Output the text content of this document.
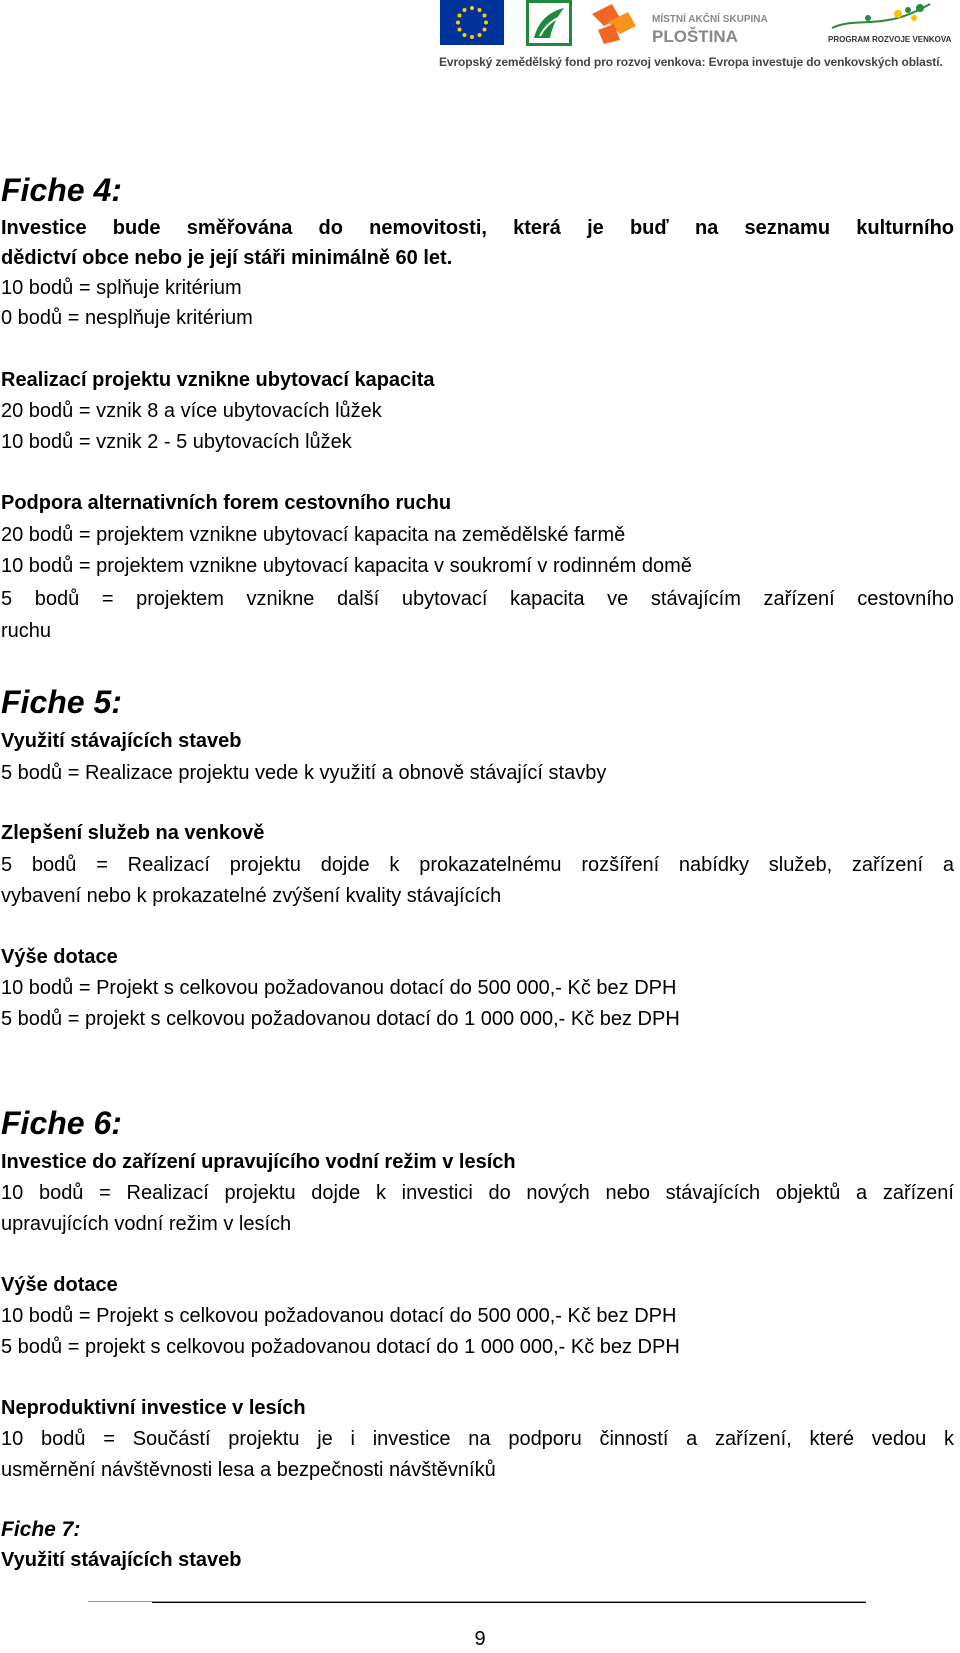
MÍSTNÍ AKČNÍ SKUPINA
PLOŠTINA	PROGRAM ROZVOJE VENKOVA
Evropský zemědělský fond pro rozvoj venkova: Evropa investuje do venkovských oblastí.
Fiche 4:
Investice bude směřována do nemovitosti, která je buď na seznamu kulturního
dědictví obce nebo je její stáři minimálně 60 let.
10 bodů = splňuje kritérium
0 bodů = nesplňuje kritérium
Realizací projektu vznikne ubytovací kapacita
20 bodů = vznik 8 a více ubytovacích lůžek
10 bodů = vznik 2 - 5 ubytovacích lůžek
Podpora alternativních forem cestovního ruchu
20 bodů = projektem vznikne ubytovací kapacita na zemědělské farmě
10 bodů = projektem vznikne ubytovací kapacita v soukromí v rodinném domě
5 bodů = projektem vznikne další ubytovací kapacita ve stávajícím zařízení cestovního
ruchu
Fiche 5:
Využití stávajících staveb
5 bodů = Realizace projektu vede k využití a obnově stávající stavby
Zlepšení služeb na venkově
5 bodů = Realizací projektu dojde k prokazatelnému rozšíření nabídky služeb, zařízení a
vybavení nebo k prokazatelné zvýšení kvality stávajících
Výše dotace
10 bodů = Projekt s celkovou požadovanou dotací do 500 000,- Kč bez DPH
5 bodů = projekt s celkovou požadovanou dotací do 1 000 000,- Kč bez DPH
Fiche 6:
Investice do zařízení upravujícího vodní režim v lesích
10 bodů = Realizací projektu dojde k investici do nových nebo stávajících objektů a zařízení
upravujících vodní režim v lesích
Výše dotace
10 bodů = Projekt s celkovou požadovanou dotací do 500 000,- Kč bez DPH
5 bodů = projekt s celkovou požadovanou dotací do 1 000 000,- Kč bez DPH
Neproduktivní investice v lesích
10 bodů = Součástí projektu je i investice na podporu činností a zařízení, které vedou k
usměrnění návštěvnosti lesa a bezpečnosti návštěvníků
Fiche 7:
Využití stávajících staveb
9
